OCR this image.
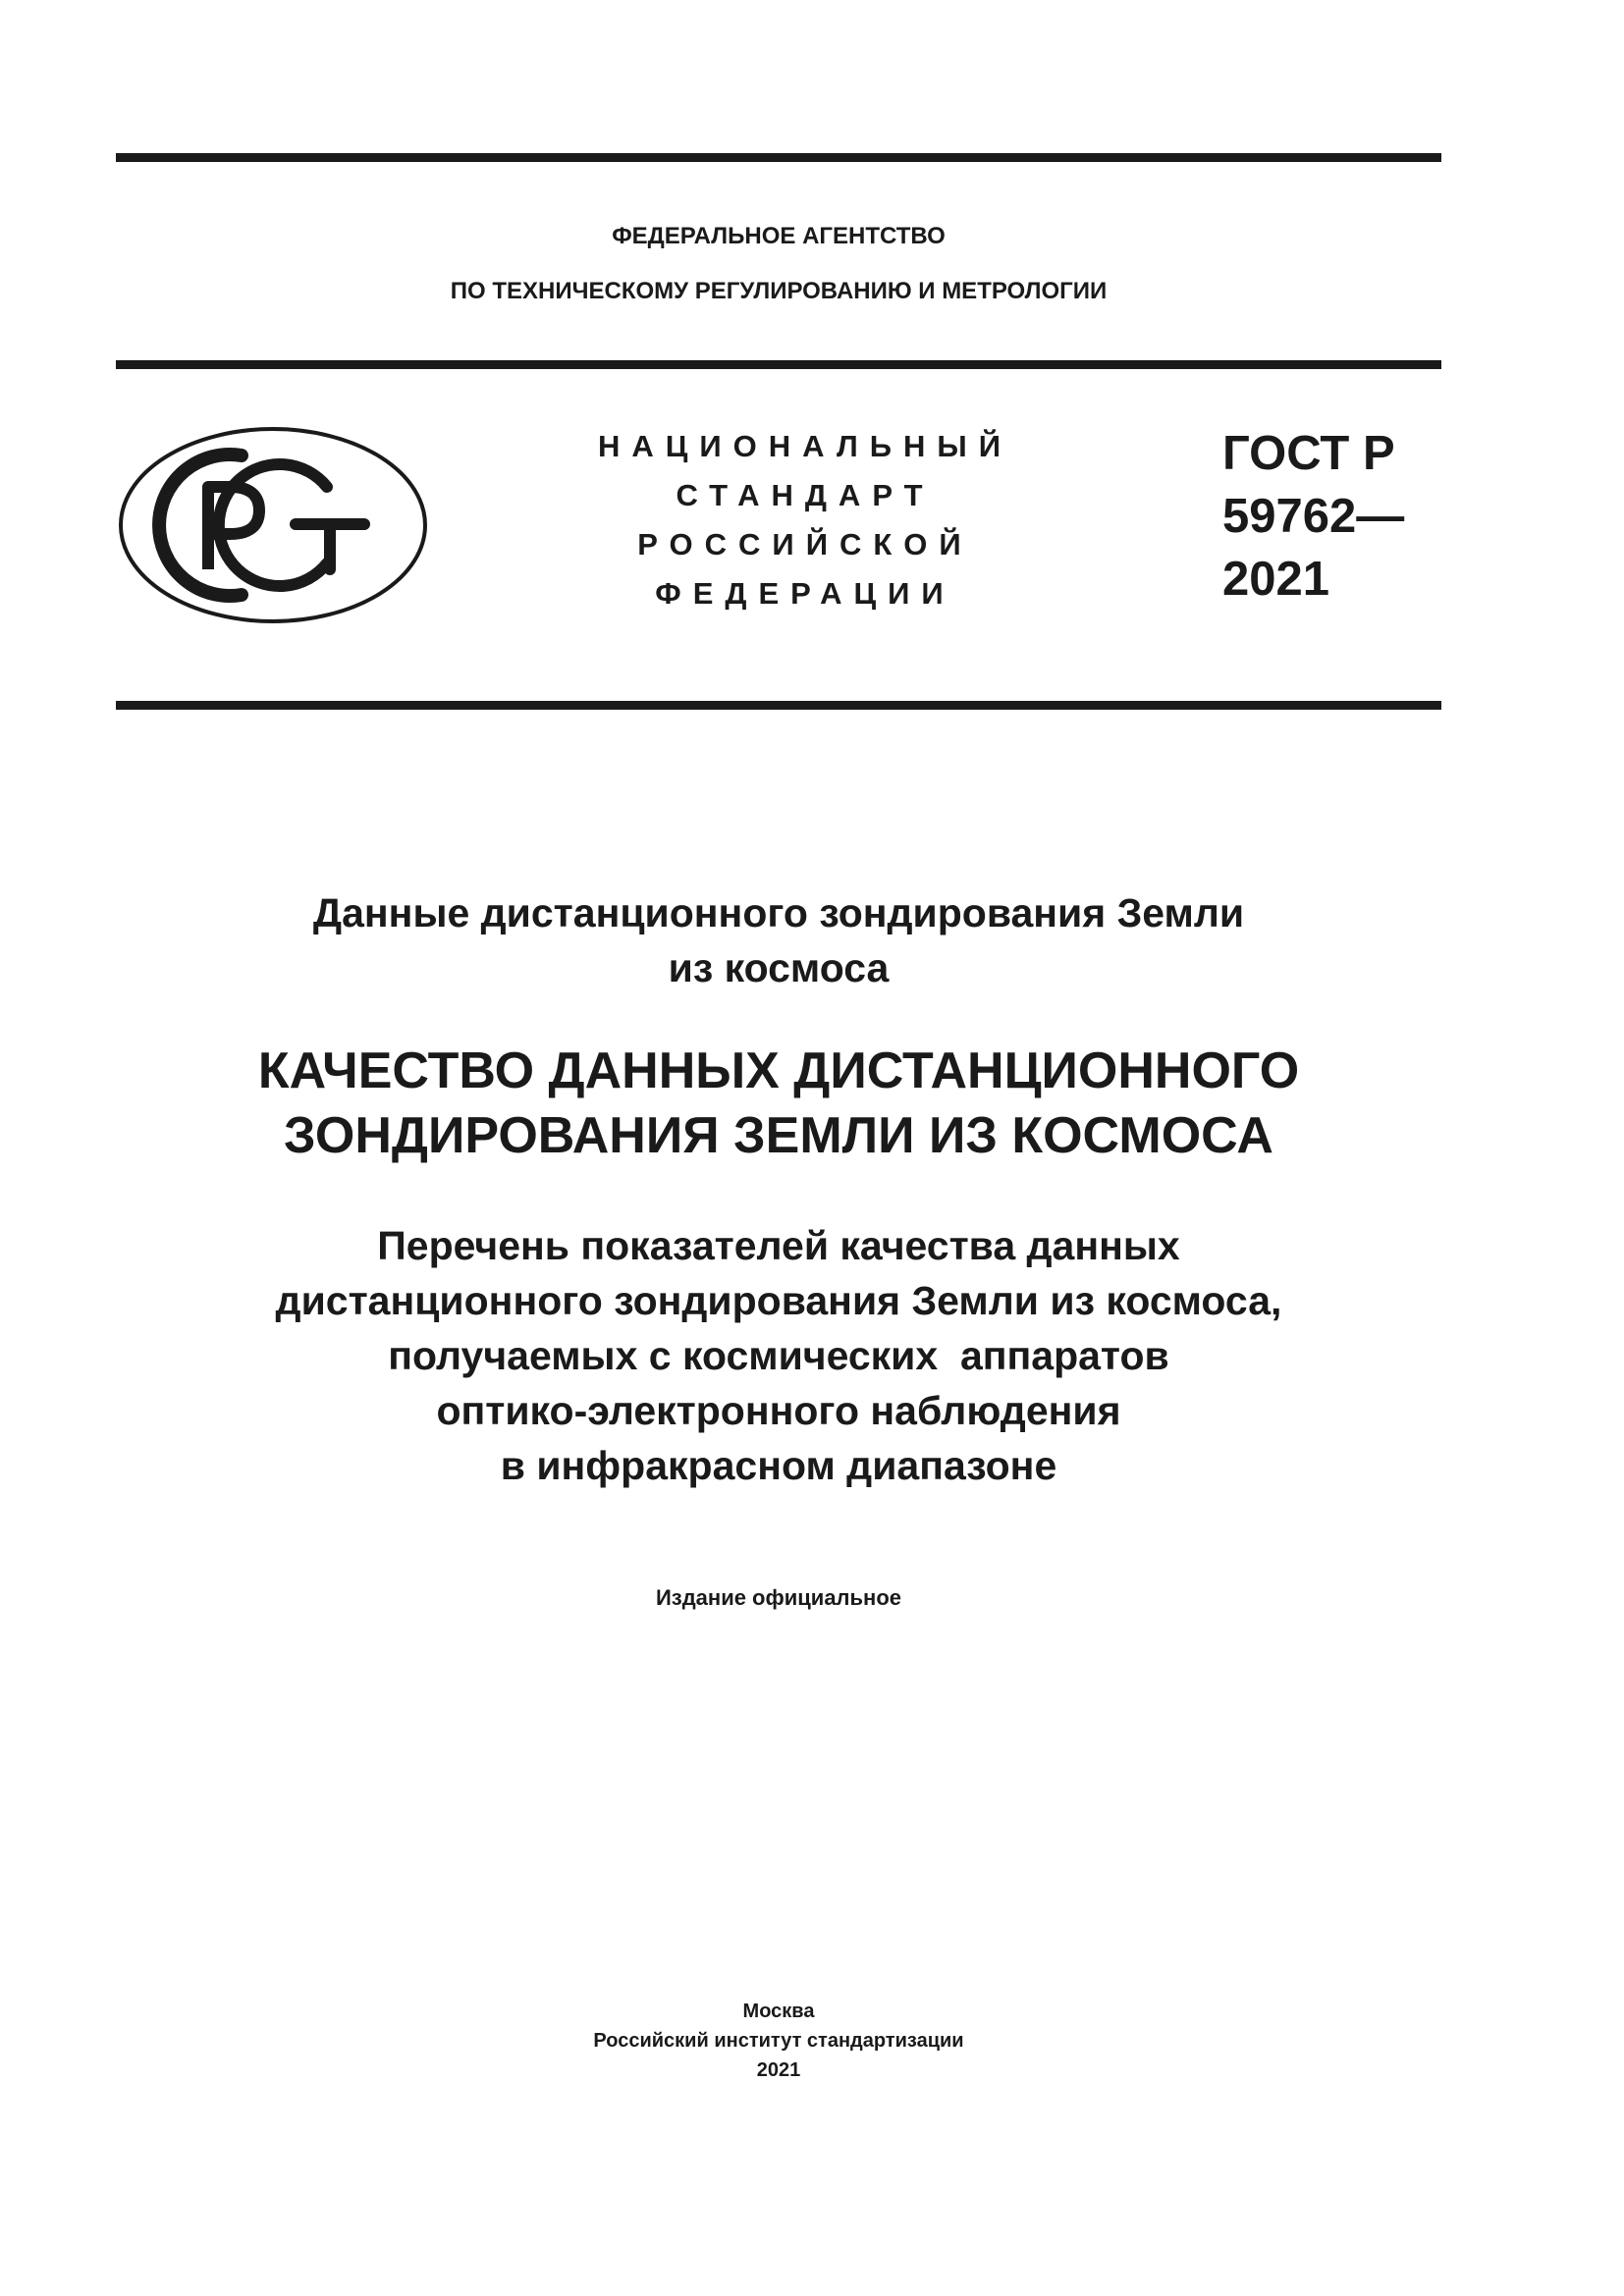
ФЕДЕРАЛЬНОЕ АГЕНТСТВО
ПО ТЕХНИЧЕСКОМУ РЕГУЛИРОВАНИЮ И МЕТРОЛОГИИ
НАЦИОНАЛЬНЫЙ
СТАНДАРТ
РОССИЙСКОЙ
ФЕДЕРАЦИИ
ГОСТ Р
59762—
2021
Данные дистанционного зондирования Земли
из космоса
КАЧЕСТВО ДАННЫХ ДИСТАНЦИОННОГО
ЗОНДИРОВАНИЯ ЗЕМЛИ ИЗ КОСМОСА
Перечень показателей качества данных
дистанционного зондирования Земли из космоса,
получаемых с космических  аппаратов
оптико-электронного наблюдения
в инфракрасном диапазоне
Издание официальное
Москва
Российский институт стандартизации
2021
